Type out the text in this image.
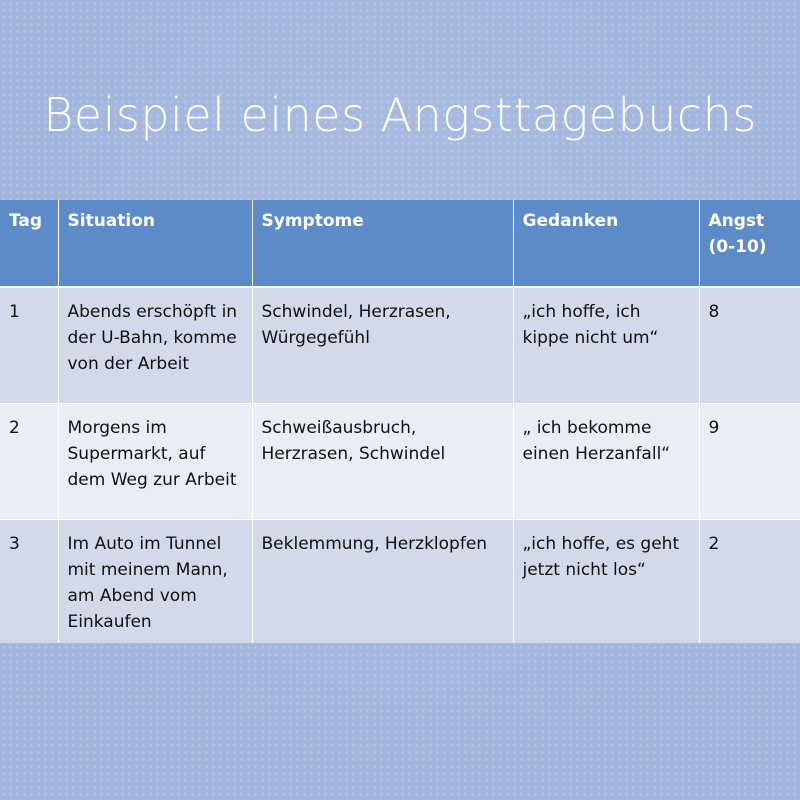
Beispiel eines Angsttagebuchs
Tag	Situation	Symptome	Gedanken	Angst (0-10)
1	Abends erschöpft in der U-Bahn, komme von der Arbeit	Schwindel, Herzrasen, Würgegefühl	„ich hoffe, ich kippe nicht um“	8
2	Morgens im Supermarkt, auf dem Weg zur Arbeit	Schweißausbruch, Herzrasen, Schwindel	„ ich bekomme einen Herzanfall“	9
3	Im Auto im Tunnel mit meinem Mann, am Abend vom Einkaufen	Beklemmung, Herzklopfen	„ich hoffe, es geht jetzt nicht los“	2
